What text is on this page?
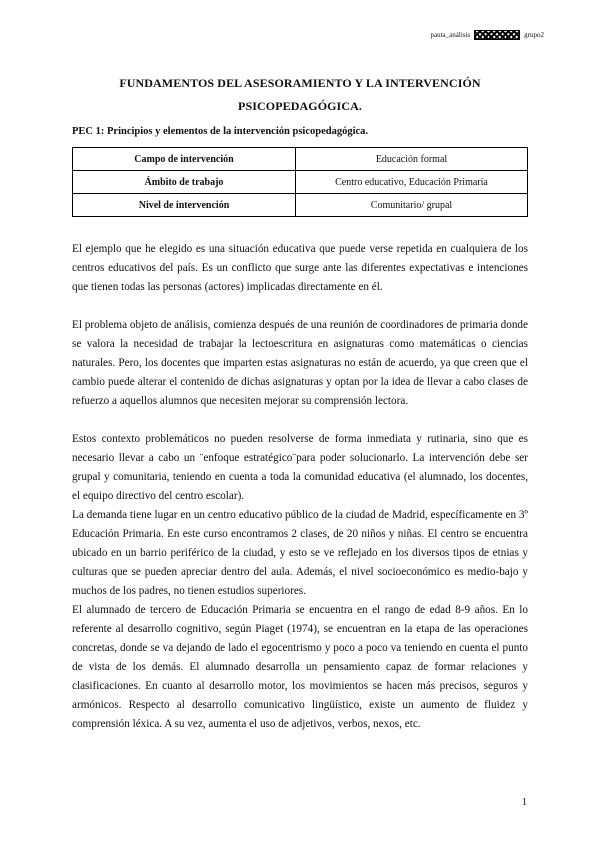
pauta_análisis	grupo2
FUNDAMENTOS DEL ASESORAMIENTO Y LA INTERVENCIÓN
PSICOPEDAGÓGICA.
PEC 1: Principios y elementos de la intervención psicopedagógica.
Campo de intervención	Educación formal
Ámbito de trabajo	Centro educativo, Educación Primaria
Nivel de intervención	Comunitario/ grupal

El ejemplo que he elegido es una situación educativa que puede verse repetida en cualquiera de los centros educativos del país. Es un conflicto que surge ante las diferentes expectativas e intenciones que tienen todas las personas (actores) implicadas directamente en él.

El problema objeto de análisis, comienza después de una reunión de coordinadores de primaria donde se valora la necesidad de trabajar la lectoescritura en asignaturas como matemáticas o ciencias naturales. Pero, los docentes que imparten estas asignaturas no están de acuerdo, ya que creen que el cambio puede alterar el contenido de dichas asignaturas y optan por la idea de llevar a cabo clases de refuerzo a aquellos alumnos que necesiten mejorar su comprensión lectora.

Estos contexto problemáticos no pueden resolverse de forma inmediata y rutinaria, sino que es necesario llevar a cabo un ¨enfoque estratégico¨para poder solucionarlo. La intervención debe ser grupal y comunitaria, teniendo en cuenta a toda la comunidad educativa (el alumnado, los docentes, el equipo directivo del centro escolar).

La demanda tiene lugar en un centro educativo público de la ciudad de Madrid, específicamente en 3º Educación Primaria. En este curso encontramos 2 clases, de 20 niños y niñas. El centro se encuentra ubicado en un barrio periférico de la ciudad, y esto se ve reflejado en los diversos tipos de etnias y culturas que se pueden apreciar dentro del aula. Además, el nivel socioeconómico es medio-bajo y muchos de los padres, no tienen estudios superiores.

El alumnado de tercero de Educación Primaria se encuentra en el rango de edad 8-9 años. En lo referente al desarrollo cognitivo, según Piaget (1974), se encuentran en la etapa de las operaciones concretas, donde se va dejando de lado el egocentrismo y poco a poco va teniendo en cuenta el punto de vista de los demás. El alumnado desarrolla un pensamiento capaz de formar relaciones y clasificaciones. En cuanto al desarrollo motor, los movimientos se hacen más precisos, seguros y armónicos. Respecto al desarrollo comunicativo lingüístico, existe un aumento de fluidez y comprensión léxica. A su vez, aumenta el uso de adjetivos, verbos, nexos, etc.

1
